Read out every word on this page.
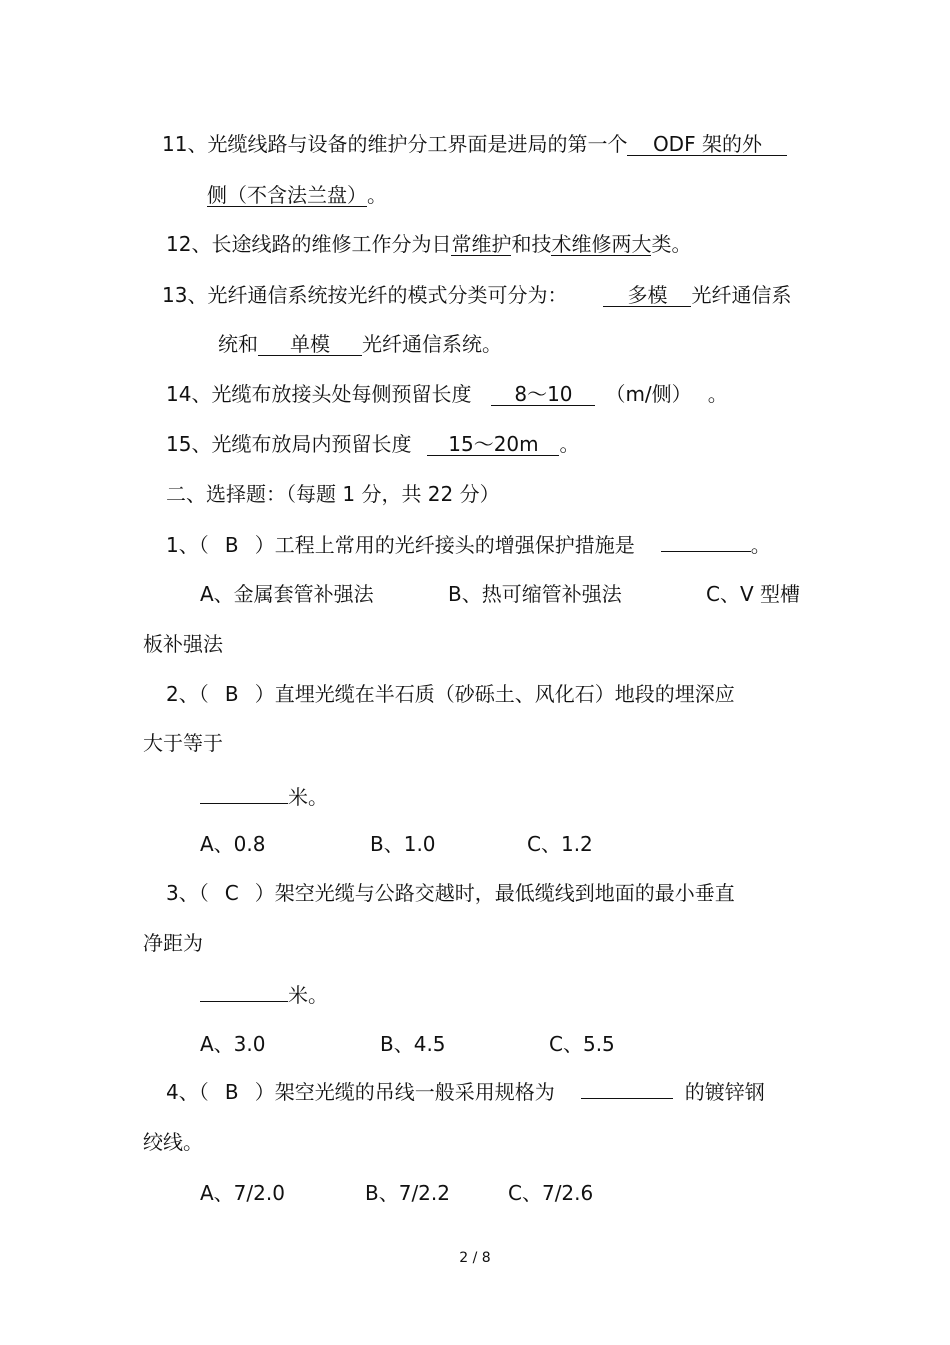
11、光缆线路与设备的维护分工界面是进局的第一个 ODF 架的外
侧（不含法兰盘）。
12、长途线路的维修工作分为日常维护和技术维修两大类。
13、光纤通信系统按光纤的模式分类可分为：	多模 光纤通信系
统和 单模 光纤通信系统。
14、光缆布放接头处每侧预留长度 8～10 （m/侧） 。
15、光缆布放局内预留长度 15～20m 。
二、选择题：（每题 1 分，共 22 分）
1、（ B ）工程上常用的光纤接头的增强保护措施是	。
A、金属套管补强法	B、热可缩管补强法	C、V 型槽
板补强法
2、（ B ）直埋光缆在半石质（砂砾土、风化石）地段的埋深应
大于等于
米。
A、0.8	B、1.0	C、1.2
3、（ C ）架空光缆与公路交越时，最低缆线到地面的最小垂直
净距为
米。
A、3.0	B、4.5	C、5.5
4、（ B ）架空光缆的吊线一般采用规格为	的镀锌钢
绞线。
A、7/2.0	B、7/2.2	C、7/2.6
2 / 8
